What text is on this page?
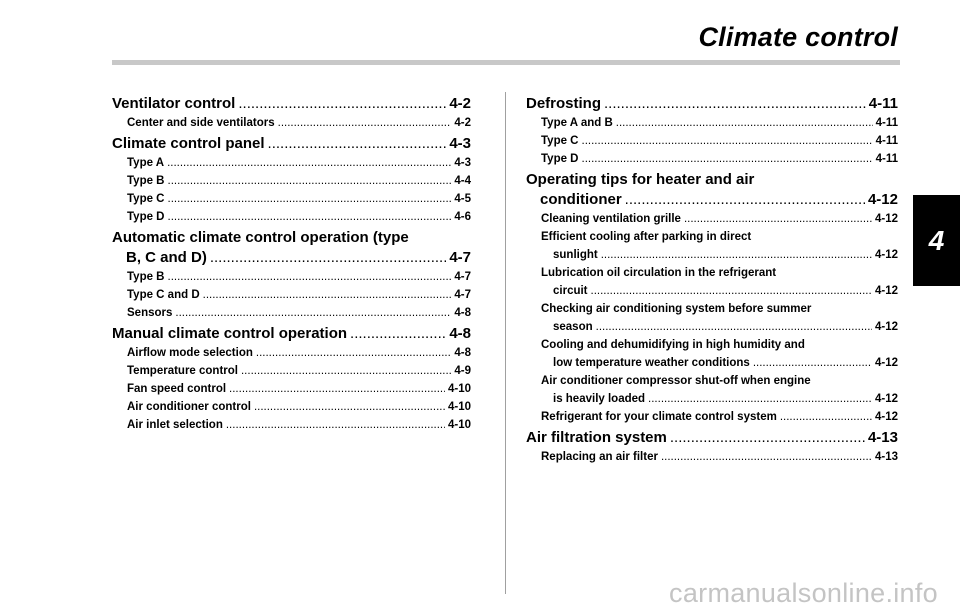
Climate control
4
Ventilator control .....	4-2
Center and side ventilators .....	4-2
Climate control panel .....	4-3
Type A .....	4-3
Type B .....	4-4
Type C .....	4-5
Type D .....	4-6
Automatic climate control operation (type
B, C and D) .....	4-7
Type B .....	4-7
Type C and D .....	4-7
Sensors .....	4-8
Manual climate control operation .....	4-8
Airflow mode selection .....	4-8
Temperature control .....	4-9
Fan speed control .....	4-10
Air conditioner control .....	4-10
Air inlet selection .....	4-10
Defrosting .....	4-11
Type A and B .....	4-11
Type C .....	4-11
Type D .....	4-11
Operating tips for heater and air
conditioner .....	4-12
Cleaning ventilation grille .....	4-12
Efficient cooling after parking in direct
sunlight .....	4-12
Lubrication oil circulation in the refrigerant
circuit .....	4-12
Checking air conditioning system before summer
season .....	4-12
Cooling and dehumidifying in high humidity and
low temperature weather conditions .....	4-12
Air conditioner compressor shut-off when engine
is heavily loaded .....	4-12
Refrigerant for your climate control system .....	4-12
Air filtration system .....	4-13
Replacing an air filter .....	4-13
carmanualsonline.info
